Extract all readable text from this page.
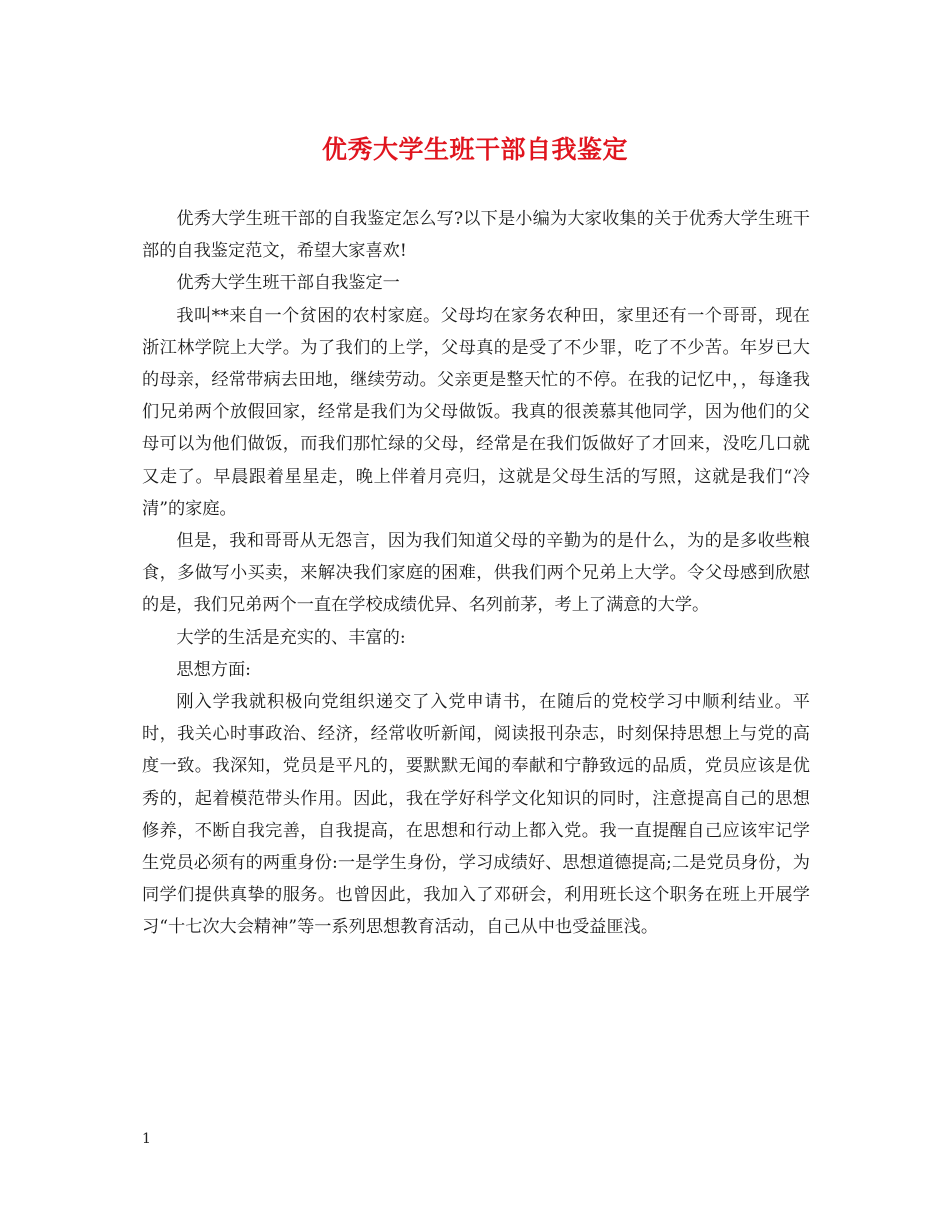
优秀大学生班干部自我鉴定

优秀大学生班干部的自我鉴定怎么写?以下是小编为大家收集的关于优秀大学生班干部的自我鉴定范文，希望大家喜欢!

优秀大学生班干部自我鉴定一

我叫**来自一个贫困的农村家庭。父母均在家务农种田，家里还有一个哥哥，现在浙江林学院上大学。为了我们的上学，父母真的是受了不少罪，吃了不少苦。年岁已大的母亲，经常带病去田地，继续劳动。父亲更是整天忙的不停。在我的记忆中，，每逢我们兄弟两个放假回家，经常是我们为父母做饭。我真的很羡慕其他同学，因为他们的父母可以为他们做饭，而我们那忙绿的父母，经常是在我们饭做好了才回来，没吃几口就又走了。早晨跟着星星走，晚上伴着月亮归，这就是父母生活的写照，这就是我们“冷清”的家庭。

但是，我和哥哥从无怨言，因为我们知道父母的辛勤为的是什么，为的是多收些粮食，多做写小买卖，来解决我们家庭的困难，供我们两个兄弟上大学。令父母感到欣慰的是，我们兄弟两个一直在学校成绩优异、名列前茅，考上了满意的大学。

大学的生活是充实的、丰富的:

思想方面:

刚入学我就积极向党组织递交了入党申请书，在随后的党校学习中顺利结业。平时，我关心时事政治、经济，经常收听新闻，阅读报刊杂志，时刻保持思想上与党的高度一致。我深知，党员是平凡的，要默默无闻的奉献和宁静致远的品质，党员应该是优秀的，起着模范带头作用。因此，我在学好科学文化知识的同时，注意提高自己的思想修养，不断自我完善，自我提高，在思想和行动上都入党。我一直提醒自己应该牢记学生党员必须有的两重身份:一是学生身份，学习成绩好、思想道德提高;二是党员身份，为同学们提供真挚的服务。也曾因此，我加入了邓研会，利用班长这个职务在班上开展学习“十七次大会精神”等一系列思想教育活动，自己从中也受益匪浅。

1
